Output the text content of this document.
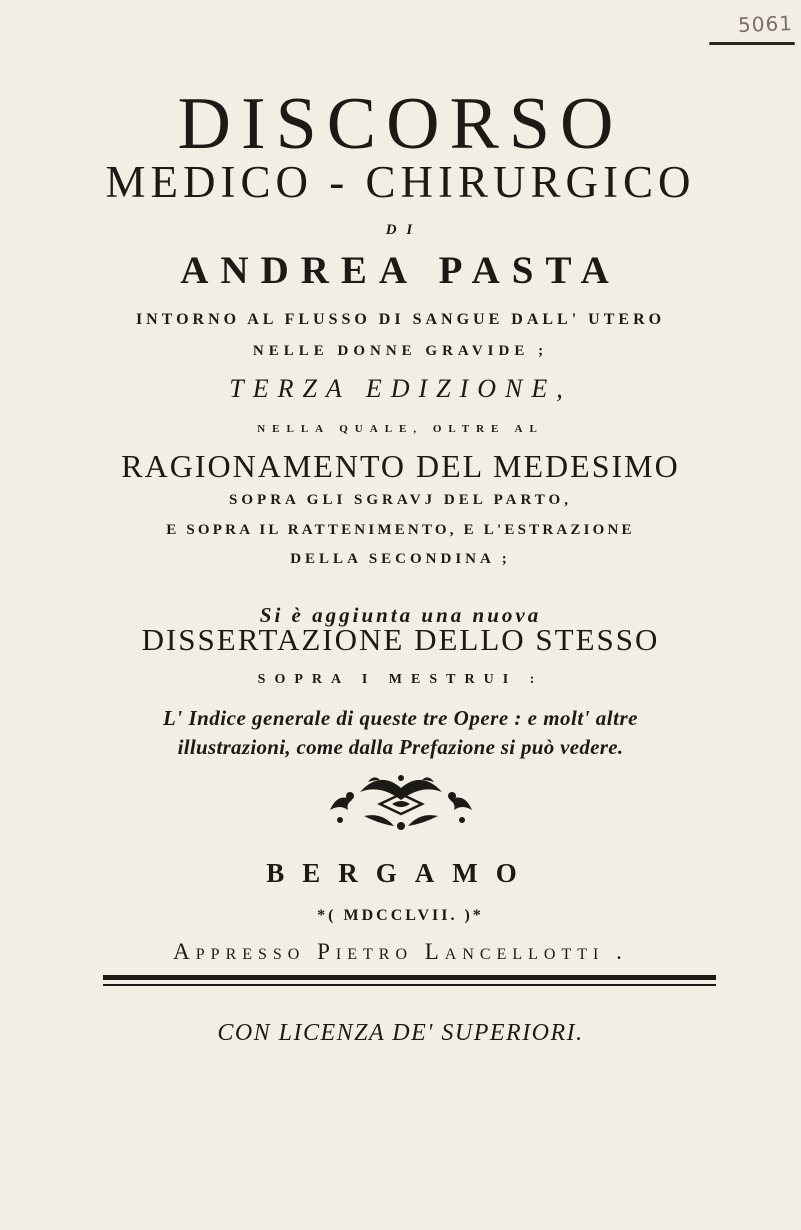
5061
DISCORSO
MEDICO - CHIRURGICO
D I
ANDREA PASTA
INTORNO AL FLUSSO DI SANGUE DALL' UTERO
NELLE DONNE GRAVIDE ;
TERZA EDIZIONE,
NELLA QUALE, OLTRE AL
RAGIONAMENTO DEL MEDESIMO
SOPRA GLI SGRAVJ DEL PARTO,
E SOPRA IL RATTENIMENTO, E L'ESTRAZIONE
DELLA SECONDINA ;
Si è aggiunta una nuova
DISSERTAZIONE DELLO STESSO
SOPRA I MESTRUI :
L' Indice generale di queste tre Opere : e molt' altre
illustrazioni, come dalla Prefazione si può vedere.
BERGAMO
*( MDCCLVII. )*
Appresso Pietro Lancellotti .
CON LICENZA DE' SUPERIORI.
